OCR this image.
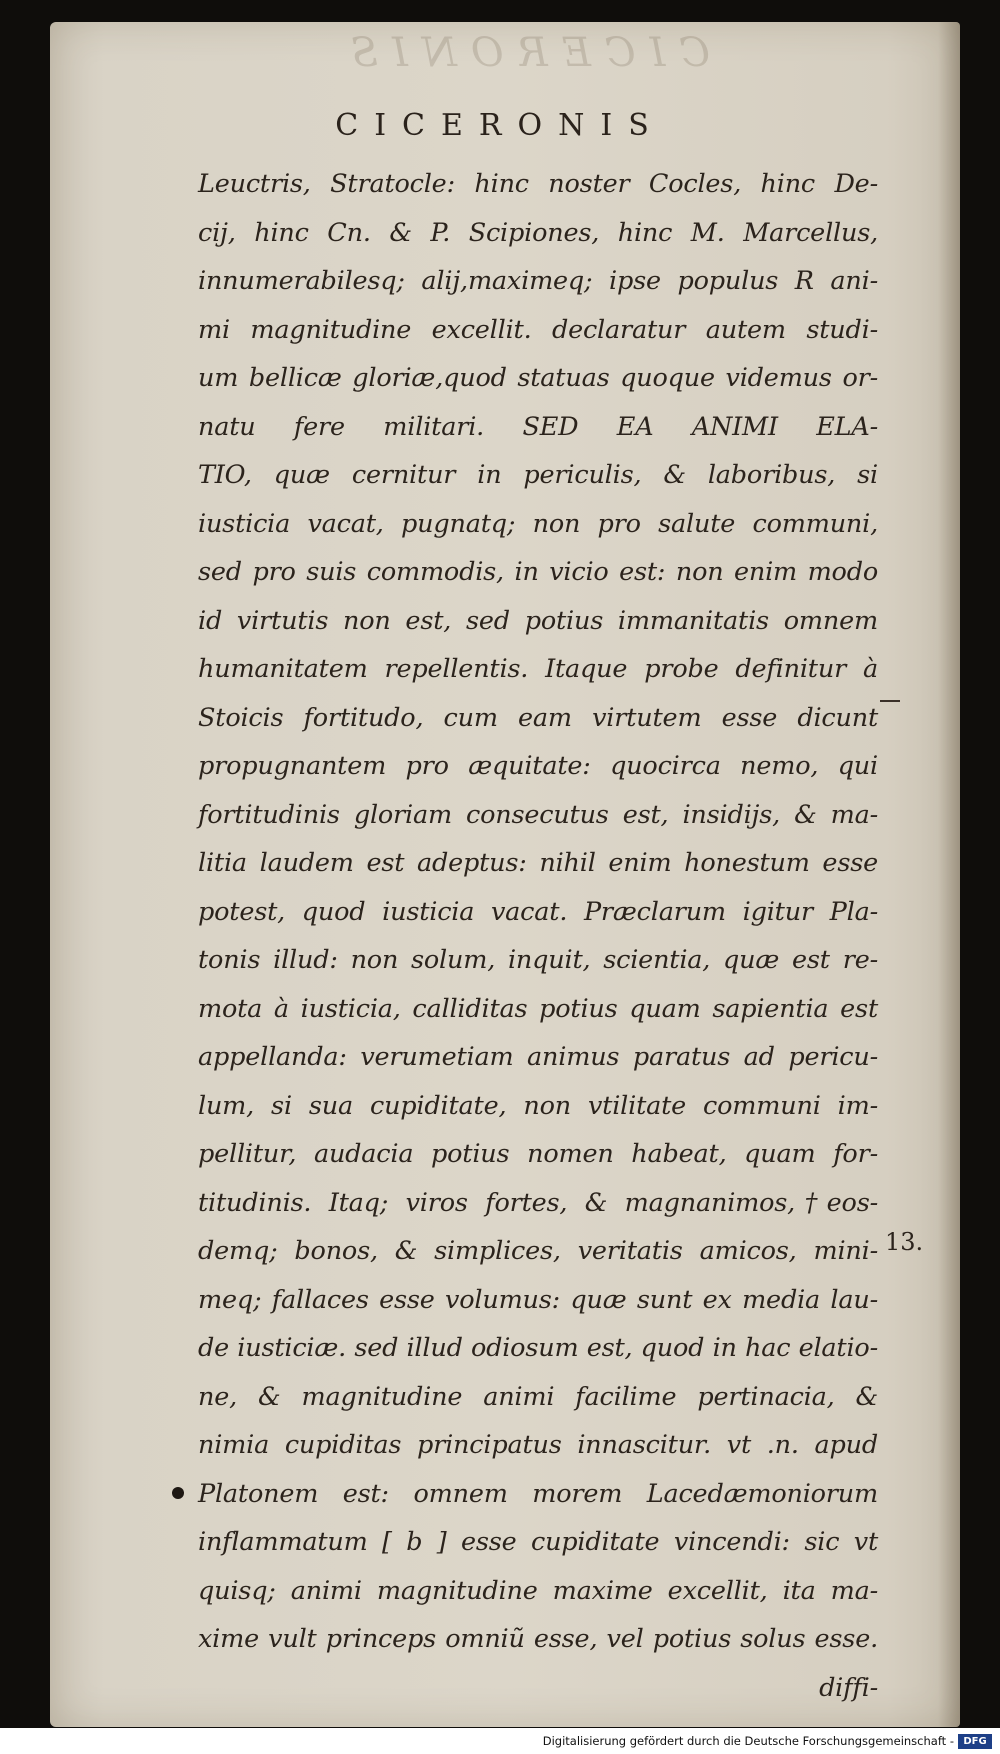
CICERONIS
CICERONIS
Leuctris, Stratocle: hinc noster Cocles, hinc De-
cij, hinc Cn. & P. Scipiones, hinc M. Marcellus,
innumerabilesq; alij,maximeq; ipse populus R ani-
mi magnitudine excellit. declaratur autem studi-
um bellicæ gloriæ,quod statuas quoque videmus or-
natu fere militari. SED EA ANIMI ELA-
TIO, quæ cernitur in periculis, & laboribus, si
iusticia vacat, pugnatq; non pro salute communi,
sed pro suis commodis, in vicio est: non enim modo
id virtutis non est, sed potius immanitatis omnem
humanitatem repellentis. Itaque probe definitur à
Stoicis fortitudo, cum eam virtutem esse dicunt
propugnantem pro æquitate: quocirca nemo, qui
fortitudinis gloriam consecutus est, insidijs, & ma-
litia laudem est adeptus: nihil enim honestum esse
potest, quod iusticia vacat. Præclarum igitur Pla-
tonis illud: non solum, inquit, scientia, quæ est re-
mota à iusticia, calliditas potius quam sapientia est
appellanda: verumetiam animus paratus ad pericu-
lum, si sua cupiditate, non vtilitate communi im-
pellitur, audacia potius nomen habeat, quam for-
titudinis. Itaq; viros fortes, & magnanimos,†eos-
demq; bonos, & simplices, veritatis amicos, mini-
meq; fallaces esse volumus: quæ sunt ex media lau-
de iusticiæ. sed illud odiosum est, quod in hac elatio-
ne, & magnitudine animi facilime pertinacia, &
nimia cupiditas principatus innascitur. vt .n. apud
Platonem est: omnem morem Lacedæmoniorum
inflammatum [ b ] esse cupiditate vincendi: sic vt
quisq; animi magnitudine maxime excellit, ita ma-
xime vult princeps omniũ esse, vel potius solus esse.
diffi-
13.
Digitalisierung gefördert durch die Deutsche Forschungsgemeinschaft - DFG
